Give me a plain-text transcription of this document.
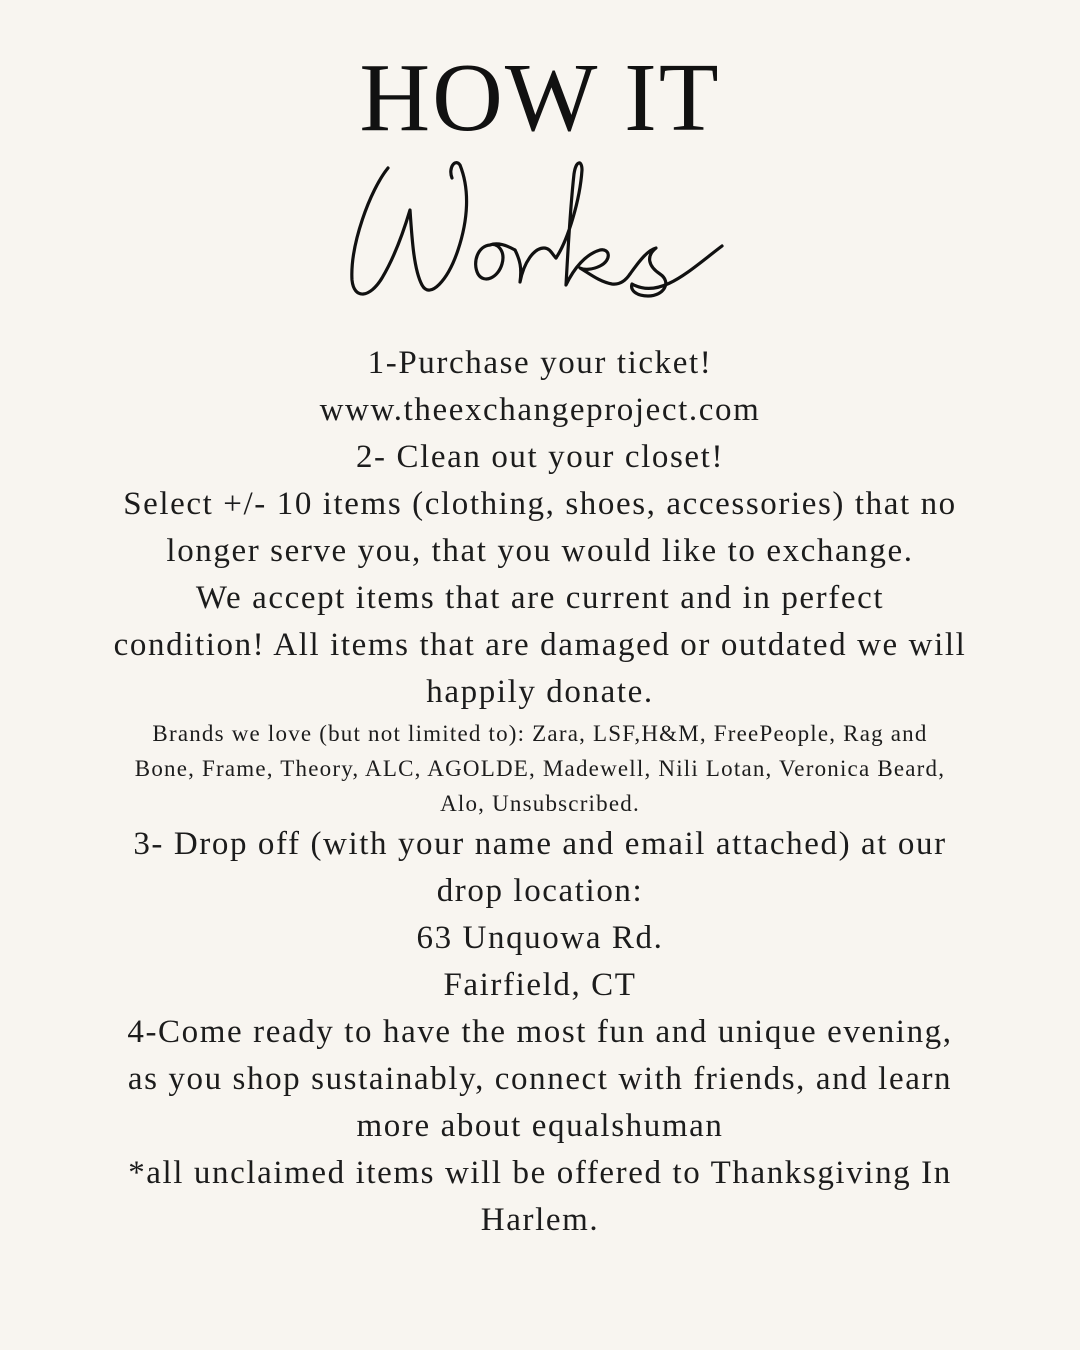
HOW IT
1-Purchase your ticket!
www.theexchangeproject.com
2- Clean out your closet!
Select +/- 10 items (clothing, shoes, accessories) that no
longer serve you, that you would like to exchange.
We accept items that are current and in perfect
condition! All items that are damaged or outdated we will
happily donate.
Brands we love (but not limited to): Zara, LSF,H&M, FreePeople, Rag and
Bone, Frame, Theory, ALC, AGOLDE, Madewell, Nili Lotan, Veronica Beard,
Alo, Unsubscribed.
3- Drop off (with your name and email attached) at our
drop location:
63 Unquowa Rd.
Fairfield, CT
4-Come ready to have the most fun and unique evening,
as you shop sustainably, connect with friends, and learn
more about equalshuman
*all unclaimed items will be offered to Thanksgiving In
Harlem.
